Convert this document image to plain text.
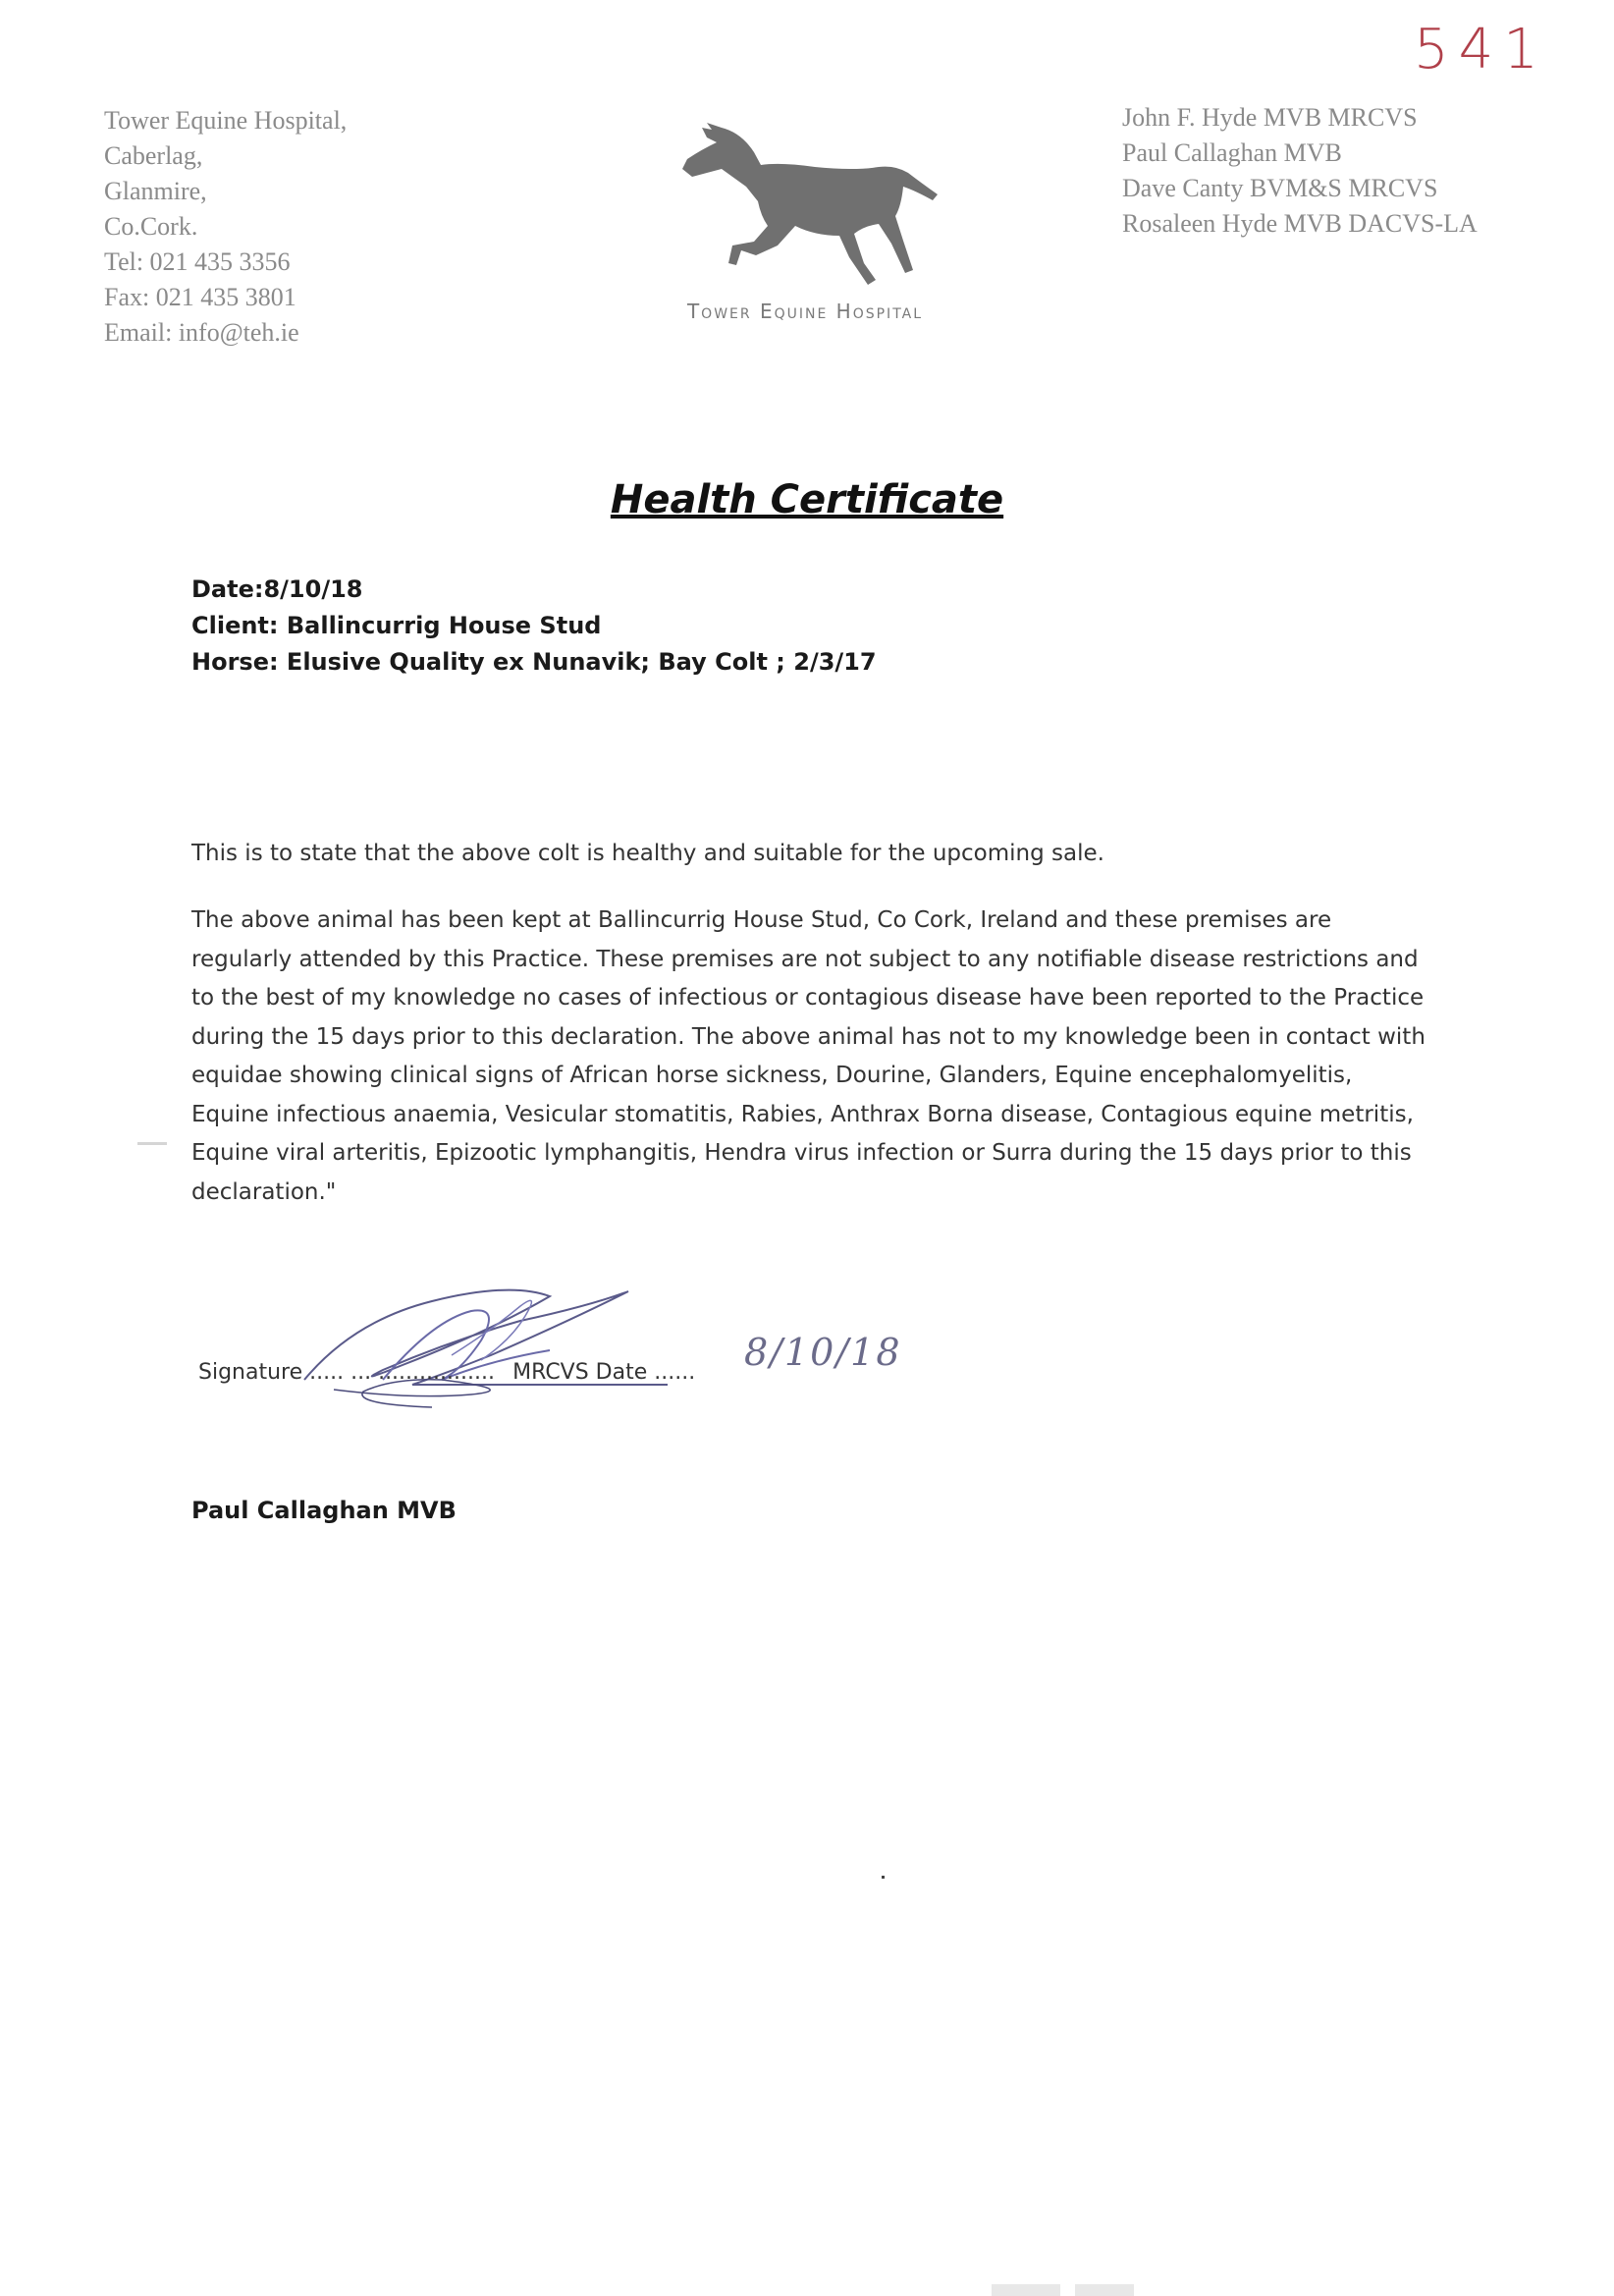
541
Tower Equine Hospital,
Caberlag,
Glanmire,
Co.Cork.
Tel: 021 435 3356
Fax: 021 435 3801
Email: info@teh.ie
Tower Equine Hospital
John F. Hyde MVB MRCVS
Paul Callaghan MVB
Dave Canty BVM&S MRCVS
Rosaleen Hyde MVB DACVS-LA
Health Certificate
Date:8/10/18
Client: Ballincurrig House Stud
Horse: Elusive Quality ex Nunavik; Bay Colt ; 2/3/17
This is to state that the above colt is healthy and suitable for the upcoming sale.
The above animal has been kept at Ballincurrig House Stud, Co Cork, Ireland and these premises are regularly attended by this Practice. These premises are not subject to any notifiable disease restrictions and to the best of my knowledge no cases of infectious or contagious disease have been reported to the Practice during the 15 days prior to this declaration. The above animal has not to my knowledge been in contact with equidae showing clinical signs of African horse sickness, Dourine, Glanders, Equine encephalomyelitis, Equine infectious anaemia, Vesicular stomatitis, Rabies, Anthrax Borna disease, Contagious equine metritis, Equine viral arteritis, Epizootic lymphangitis, Hendra virus infection or Surra during the 15 days prior to this declaration."
Signature ..... ... ................. MRCVS Date ...... 8/10/18
Paul Callaghan MVB
